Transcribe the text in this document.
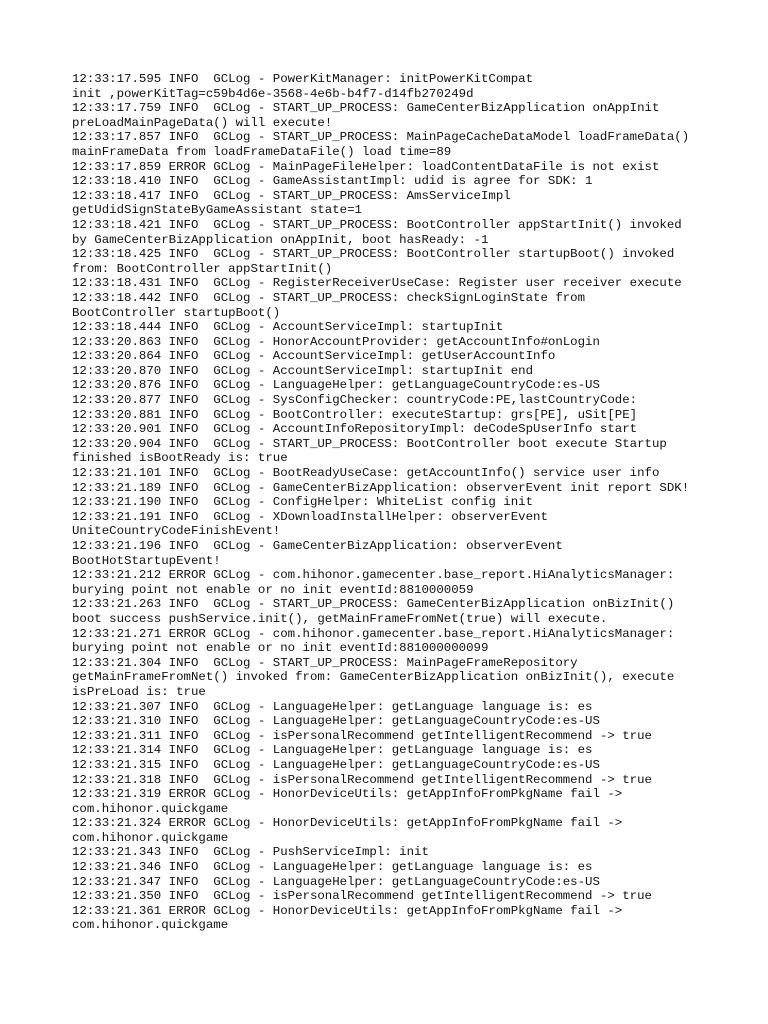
12:33:17.595 INFO  GCLog - PowerKitManager: initPowerKitCompat
init ,powerKitTag=c59b4d6e-3568-4e6b-b4f7-d14fb270249d
12:33:17.759 INFO  GCLog - START_UP_PROCESS: GameCenterBizApplication onAppInit
preLoadMainPageData() will execute!
12:33:17.857 INFO  GCLog - START_UP_PROCESS: MainPageCacheDataModel loadFrameData()
mainFrameData from loadFrameDataFile() load time=89
12:33:17.859 ERROR GCLog - MainPageFileHelper: loadContentDataFile is not exist
12:33:18.410 INFO  GCLog - GameAssistantImpl: udid is agree for SDK: 1
12:33:18.417 INFO  GCLog - START_UP_PROCESS: AmsServiceImpl
getUdidSignStateByGameAssistant state=1
12:33:18.421 INFO  GCLog - START_UP_PROCESS: BootController appStartInit() invoked
by GameCenterBizApplication onAppInit, boot hasReady: -1
12:33:18.425 INFO  GCLog - START_UP_PROCESS: BootController startupBoot() invoked
from: BootController appStartInit()
12:33:18.431 INFO  GCLog - RegisterReceiverUseCase: Register user receiver execute
12:33:18.442 INFO  GCLog - START_UP_PROCESS: checkSignLoginState from
BootController startupBoot()
12:33:18.444 INFO  GCLog - AccountServiceImpl: startupInit
12:33:20.863 INFO  GCLog - HonorAccountProvider: getAccountInfo#onLogin
12:33:20.864 INFO  GCLog - AccountServiceImpl: getUserAccountInfo
12:33:20.870 INFO  GCLog - AccountServiceImpl: startupInit end
12:33:20.876 INFO  GCLog - LanguageHelper: getLanguageCountryCode:es-US
12:33:20.877 INFO  GCLog - SysConfigChecker: countryCode:PE,lastCountryCode:
12:33:20.881 INFO  GCLog - BootController: executeStartup: grs[PE], uSit[PE]
12:33:20.901 INFO  GCLog - AccountInfoRepositoryImpl: deCodeSpUserInfo start
12:33:20.904 INFO  GCLog - START_UP_PROCESS: BootController boot execute Startup
finished isBootReady is: true
12:33:21.101 INFO  GCLog - BootReadyUseCase: getAccountInfo() service user info
12:33:21.189 INFO  GCLog - GameCenterBizApplication: observerEvent init report SDK!
12:33:21.190 INFO  GCLog - ConfigHelper: WhiteList config init
12:33:21.191 INFO  GCLog - XDownloadInstallHelper: observerEvent
UniteCountryCodeFinishEvent!
12:33:21.196 INFO  GCLog - GameCenterBizApplication: observerEvent
BootHotStartupEvent!
12:33:21.212 ERROR GCLog - com.hihonor.gamecenter.base_report.HiAnalyticsManager:
burying point not enable or no init eventId:8810000059
12:33:21.263 INFO  GCLog - START_UP_PROCESS: GameCenterBizApplication onBizInit()
boot success pushService.init(), getMainFrameFromNet(true) will execute.
12:33:21.271 ERROR GCLog - com.hihonor.gamecenter.base_report.HiAnalyticsManager:
burying point not enable or no init eventId:881000000099
12:33:21.304 INFO  GCLog - START_UP_PROCESS: MainPageFrameRepository
getMainFrameFromNet() invoked from: GameCenterBizApplication onBizInit(), execute
isPreLoad is: true
12:33:21.307 INFO  GCLog - LanguageHelper: getLanguage language is: es
12:33:21.310 INFO  GCLog - LanguageHelper: getLanguageCountryCode:es-US
12:33:21.311 INFO  GCLog - isPersonalRecommend getIntelligentRecommend -> true
12:33:21.314 INFO  GCLog - LanguageHelper: getLanguage language is: es
12:33:21.315 INFO  GCLog - LanguageHelper: getLanguageCountryCode:es-US
12:33:21.318 INFO  GCLog - isPersonalRecommend getIntelligentRecommend -> true
12:33:21.319 ERROR GCLog - HonorDeviceUtils: getAppInfoFromPkgName fail ->
com.hihonor.quickgame
12:33:21.324 ERROR GCLog - HonorDeviceUtils: getAppInfoFromPkgName fail ->
com.hihonor.quickgame
12:33:21.343 INFO  GCLog - PushServiceImpl: init
12:33:21.346 INFO  GCLog - LanguageHelper: getLanguage language is: es
12:33:21.347 INFO  GCLog - LanguageHelper: getLanguageCountryCode:es-US
12:33:21.350 INFO  GCLog - isPersonalRecommend getIntelligentRecommend -> true
12:33:21.361 ERROR GCLog - HonorDeviceUtils: getAppInfoFromPkgName fail ->
com.hihonor.quickgame
